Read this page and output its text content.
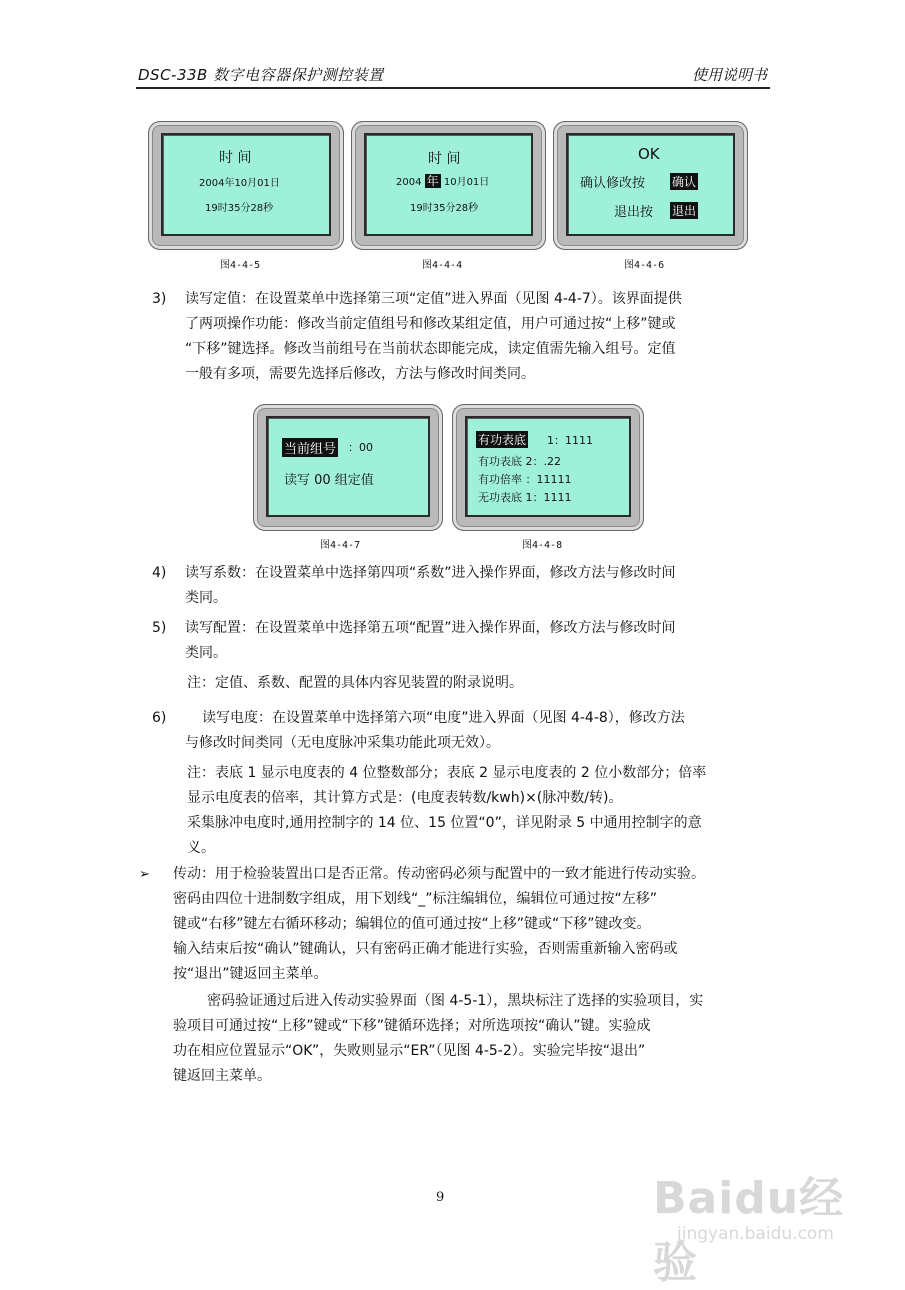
DSC-33B 数字电容器保护测控装置	使用说明书
时 间
2004年10月01日
19时35分28秒
图4-4-5
时 间
2004 年 10月01日
19时35分28秒
图4-4-4
OK
确认修改按 确认
退出按 退出
图4-4-6
3) 读写定值：在设置菜单中选择第三项“定值”进入界面（见图 4-4-7）。该界面提供
了两项操作功能：修改当前定值组号和修改某组定值，用户可通过按“上移”键或
“下移”键选择。修改当前组号在当前状态即能完成，读定值需先输入组号。定值
一般有多项，需要先选择后修改，方法与修改时间类同。
当前组号 ：00
读写 00 组定值
图4-4-7
有功表底 1：1111
有功表底 2：.22
有功倍率 ：11111
无功表底 1：1111
图4-4-8
4) 读写系数：在设置菜单中选择第四项“系数”进入操作界面，修改方法与修改时间
类同。
5) 读写配置：在设置菜单中选择第五项“配置”进入操作界面，修改方法与修改时间
类同。
注：定值、系数、配置的具体内容见装置的附录说明。
6)	读写电度：在设置菜单中选择第六项“电度”进入界面（见图 4-4-8），修改方法
与修改时间类同（无电度脉冲采集功能此项无效）。
注：表底 1 显示电度表的 4 位整数部分；表底 2 显示电度表的 2 位小数部分；倍率
显示电度表的倍率，其计算方式是：(电度表转数/kwh)×(脉冲数/转)。
采集脉冲电度时,通用控制字的 14 位、15 位置“0”，详见附录 5 中通用控制字的意
义。
➢ 传动：用于检验装置出口是否正常。传动密码必须与配置中的一致才能进行传动实验。
密码由四位十进制数字组成，用下划线“_”标注编辑位，编辑位可通过按“左移”
键或“右移”键左右循环移动；编辑位的值可通过按“上移”键或“下移”键改变。
输入结束后按“确认”键确认，只有密码正确才能进行实验，否则需重新输入密码或
按“退出”键返回主菜单。
密码验证通过后进入传动实验界面（图 4-5-1），黑块标注了选择的实验项目，实
验项目可通过按“上移”键或“下移”键循环选择；对所选项按“确认”键。实验成
功在相应位置显示“OK”，失败则显示“ER”（见图 4-5-2）。实验完毕按“退出”
键返回主菜单。
9	Baidu经验
jingyan.baidu.com
